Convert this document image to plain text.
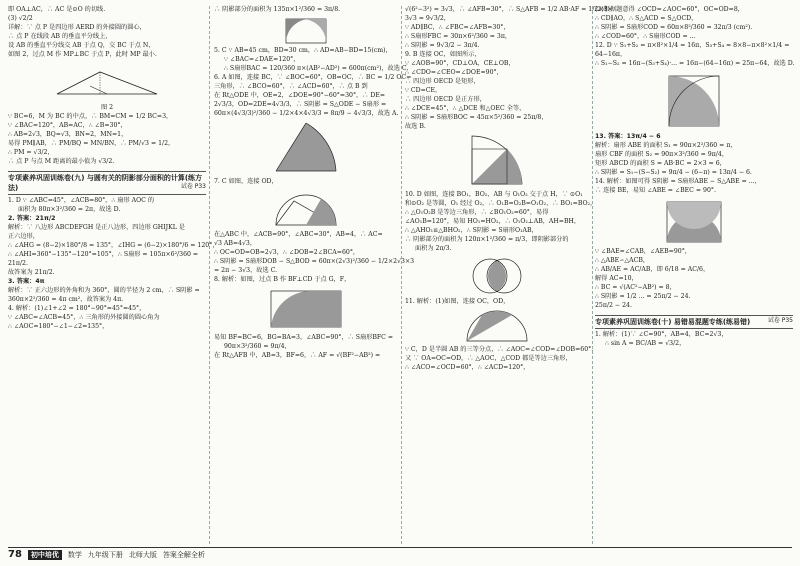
即 OA⊥AC，∴ AC 是⊙O 的切线.

(3) √2/2

详解：∵ 点 P 是四边形 AERD 的外接圆的圆心，

∴ 点 P 在线段 AB 的垂直平分线上，

设 AB 的垂直平分线交 AB 于点 Q，交 BC 于点 N，

如图 2，过点 M 作 MP⊥BC 于点 P，此时 MP 最小.

图 2

∵ BC=6，M 为 BC 的中点，∴ BM=CM = 1/2 BC=3，

∵ ∠BAC=120°，AB=AC，∴ ∠B=30°，

∴ AB=2√3，BQ=√3，BN=2，MN=1，

易得 PM∥AB，∴ PM/BQ = MN/BN，∴ PM/√3 = 1/2，

∴ PM = √3/2，

∴ 点 P 与点 M 距离的最小值为 √3/2.

专项素养巩固训练卷(九) 与圆有关的阴影部分面积的计算(练方法)	试卷 P33

1. D ∵ ∠ABC=45°，∠ACB=80°，∴ 扇形 AOC 的

面积为 80π×3²/360 = 2π，故选 D.

2. 答案：21π/2

解析：∵ 八边形 ABCDEFGH 是正八边形，四边形 GHIJKL 是

正六边形，

∴ ∠AHG = (8−2)×180°/8 = 135°，∠IHG = (6−2)×180°/6 = 120°，

∴ ∠AHI=360°−135°−120°=105°，∴ S扇形 = 105π×6²/360 =

21π/2.

故答案为 21π/2.

3. 答案：4π

解析：∵ 正六边形的外角和为 360°，圆的半径为 2 cm，∴ S阴影 =

360π×2²/360 = 4π cm²，故答案为 4π.

4. 解析：(1)∠1+∠2 = 180°−90°=45°=45°，

∵ ∠ABC=∠ACB=45°，∴ 三角形的外接圆的圆心角为

∴ ∠AOC=180°−∠1−∠2=135°，

∴ 阴影部分的面积为 135π×1²/360 = 3π/8.

5. C ∵ AB=45 cm，BD=30 cm，∴ AD=AB−BD=15(cm)，

∵ ∠BAC=∠DAE=120°，

∴ S扇形BAC = 120/360 π×(AB²−AD²) = 600π(cm²)，故选 C.

6. A 如图，连接 BC，∵ ∠BOC=60°，OB=OC，∴ BC = 1/2 OC=

三角形，∴ ∠BCO=60°，∴ ∠ACD=60°，∴ 点 B 到

在 Rt△ODE 中，OE=2，∠DOE=90°−60°=30°，∴ DE=

2√3/3，OD=2DE=4√3/3，∴ S阴影 = S△ODE − S扇形 =

60π×(4√3/3)²/360 − 1/2×4×4√3/3 = 8π/9 − 4√3/3，故选 A.

7. C 如图，连接 OD，

在△ABC 中，∠ACB=90°，∠ABC=30°，AB=4，∴ AC=

√3 AB=4√3，

∴ OC=OD=OB=2√3，∴ ∠DOB=2∠BCA=60°，

∴ S阴影 = S扇形DOB − S△BOD = 60π×(2√3)²/360 − 1/2×2√3×3

= 2π − 3√3，故选 C.

8. 解析：如图，过点 B 作 BF⊥CD 于点 G，F，

易知 BF=BC=6，BG=BA=3，∠ABC=90°，∴ S扇形BFC =

90π×3²/360 = 9π/4，

在 Rt△AFB 中，AB=3，BF=6，∴ AF = √(BF²−AB²) =

√(6²−3²) = 3√3，∴ ∠AFB=30°，∴ S△AFB = 1/2 AB·AF = 1/2×3×

3√3 = 9√3/2，

∵ AD∥BC，∴ ∠FBC=∠AFB=30°，

∴ S扇形FBC = 30π×6²/360 = 3π，

∴ S阴影 = 9√3/2 − 3π/4.

9. B 连接 OC，如图所示，

∵ ∠AOB=90°，CD⊥OA，CE⊥OB，

∴ ∠CDO=∠CEO=∠DOE=90°，

∴ 四边形 OECD 是矩形，

∵ CD=CE，

∴ 四边形 OECD 是正方形，

∴ ∠DCE=45°，∴ △DCE 和△OEC 全等，

∴ S阴影 = S扇形BOC = 45π×5²/360 = 25π/8，

故选 B.

10. D 如图，连接 BO₁，BO₂，AB 与 O₁O₂ 交于点 H，∵ ⊙O₁

和⊙O₂ 是等圆，O₁ 经过 O₂，∴ O₁B=O₂B=O₁O₂，∴ BO₁=BO₂，

∴ △O₁O₂B 是等边三角形，∴ ∠BO₁O₂=60°，易得

∠AO₁B=120°，易知 HO₁=HO₂，∴ O₁O₂⊥AB，AH=BH，

∴ △AHO₁≌△BHO₂，∴ S阴影 = S扇形O₁AB，

∴ 阴影部分的面积为 120π×1²/360 = π/3，即阴影部分的

面积为 2π/3.

11. 解析：(1)如图，连接 OC，OD，

∵ C，D 是半圆 AB 的三等分点，∴ ∠AOC=∠COD=∠DOB=60°.

又 ∵ OA=OC=OD，∴ △AOC，△COD 都是等边三角形，

∴ ∠ACO=∠OCD=60°，∴ ∠ACD=120°，

(2)根据题意得 ∠OCD=∠AOC=60°，OC=OD=8，

∴ CD∥AO，∴ S△ACD = S△OCD，

∴ S阴影 = S扇形COD = 60π×8²/360 = 32π/3 (cm²).

∴ ∠COD=60°，∴ S扇形COD = ...

12. D ∵ S₁+S₂ = π×8²×1/4 = 16π，S₃+S₄ = 8×8−π×8²×1/4 =

64−16π，

∴ S₁−S₂ = 16π−(S₃+S₄)·... = 16π−(64−16π) = 25π−64，故选 D.

13. 答案：13π/4 − 6

解析：扇形 ABE 的面积 S₁ = 90π×2²/360 = π，

扇形 CBF 的面积 S₂ = 90π×3²/360 = 9π/4，

矩形 ABCD 的面积 S = AB·BC = 2×3 = 6，

∴ S阴影 = S₁−(S−S₂) = 9π/4 − (6−π) = 13π/4 − 6.

14. 解析：如图可得 S阴影 = S扇形ABE − S△ABE = ...，

∴ 连接 BE，易知 ∠ABE = ∠BEC = 90°.

∵ ∠BAE=∠CAB，∠AEB=90°，

∴ △ABE∽△ACB，

∴ AB/AE = AC/AB，即 6/18 = AC/6，

解得 AC=10，

∴ BC = √(AC²−AB²) = 8，

∴ S阴影 = 1/2 ... = 25π/2 − 24.

25π/2 − 24.

专项素养巩固训练卷(十) 易错易混题专练(练易错)	试卷 P35

1. 解析：(1)∵ ∠C=90°，AB=4，BC=2√3，

∴ sin A = BC/AB = √3/2，

78	初中培优	数学 九年级下册 北师大版 答案全解全析
